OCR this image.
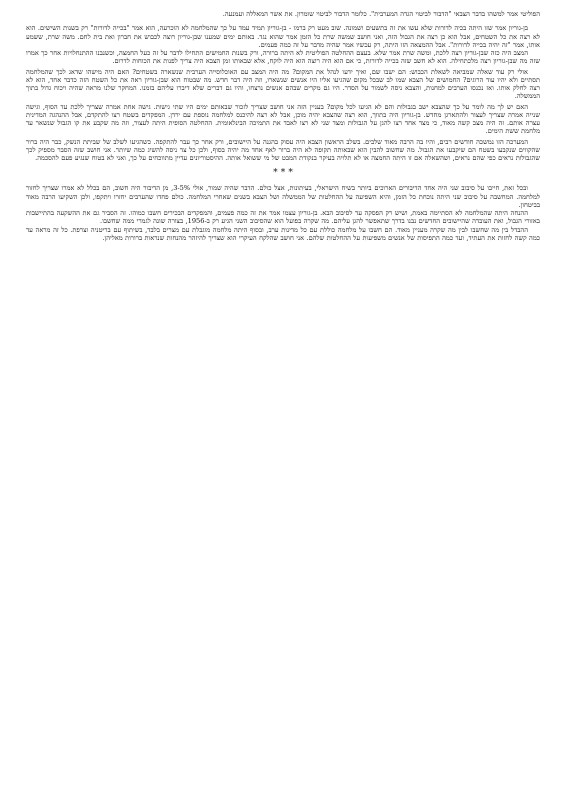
הפוליטי אמר למשהו בדבר הצבאי "הדבור לביטוי הגדה המערבית". כלומר הדבור לביטוי שומרון. את אשר המאללה ועמנעה.

בן-גוריון אמר שזו היתה בכיה לדורות שלא עשו את זה בתשעים ושמונה. שוב מעט רק ברמו - בן-גוריון תמיד עמד על כך שהמלחמה לא הוכרעה, הוא אמר "בכייה לדורות" רק בשנות השישים. הוא לא רצה את כל השטחים, אבל הוא כן רצה את הגבול הזה, ואני חושב שמשה שרת כל הזמן אמר שהוא נגד. באותם ימים שמענו שבן-גוריון רוצה לכבוש את חברון ואת בית לחם. משה שרת, ששמע אותו, אמר "זה יהיה בכייה לדורות". אבל ההמצאה הזו היתה, רק עכשיו אמר שהיה מדבר על זה כמה פעמים.

המצב היה כזה שבן-גוריון רצה ללכת, ומשה שרת אמר שלא. בעצם ההחלטה הפוליטית לא היתה ברורה, ורק בשנות החמישים התחילו לדבר על זה כעל החמצה, וכשנבנו ההתנחלויות אחר כך אמרו שזה מה שבן-גוריון רצה מלכתחילה. הוא לא חשב שזה בכייה לדורות, כי אם הוא היה רוצה הוא היה לוקח, אלא שבאותו זמן הצבא היה צריך לפנות את הכוחות לדרום.

אולי רק עוד שאלה שמביאה לשאלת הכבוש: הם ישבו שם, ואיך ידעו לנהל את המקום? מה היה המצב עם האוכלוסייה הערבית שנשארה בשטחים? האם היה מישהו שדאג לכך שהמלחמה תסתיים ולא יהיו עוד הרוגים? החמושים של הצבא שמו לב שבכל מקום שהגיעו אליו היו אנשים שנשארו, וזה היה דבר חדש. מה שבטוח הוא שבן-גוריון ראה את כל השטח הזה כדבר אחד, הוא לא רצה לחלק אותו. ואז נכנסו הערבים למחנות, והצבא ניסה לשמור על הסדר. היו גם מקרים שבהם אנשים נרצחו, והיו גם דברים שלא דיברו עליהם בזמנו. המחקר שלנו מראה שהיה ויכוח גדול בתוך הממשלה.

האם יש לך מה לומר על כך שהצבא ישב בגבולות והם לא הגיעו לכל מקום? בעניין הזה אני חושב שצריך לזכור שבאותם ימים היו שתי גישות. גישה אחת אמרה שצריך ללכת עד הסוף, וגישה שנייה אמרה שצריך לעצור ולהתארגן מחדש. בן-גוריון היה בתווך, הוא רצה שהצבא יהיה מוכן, אבל לא רצה להיכנס למלחמה נוספת עם ירדן. המפקדים בשטח רצו להתקדם, אבל ההנהגה המדינית עצרה אותם. זה היה מצב קשה מאוד, כי מצד אחד רצו להגן על הגבולות ומצד שני לא רצו לאבד את התמיכה הבינלאומית. ההחלטה הסופית היתה לעצור, וזה מה שקבע את קו הגבול שנשאר עד מלחמת ששת הימים.

המערכה הזו נמשכה חודשים רבים, והיו בה הרבה מאוד שלבים. בשלב הראשון הצבא היה עסוק בהגנה על היישובים, ורק אחר כך עבר להתקפה. כשהגיעו לשלב של שביתת הנשק, כבר היה ברור שהקווים שנקבעו בשטח הם שיקבעו את הגבול. מה שחשוב להבין הוא שבאותה תקופה לא היה ברור לאף אחד מה יהיה בסוף, ולכן כל צד ניסה להשיג כמה שיותר. אני חושב שזה הסבר מספיק לכך שהגבולות נראים כפי שהם נראים, ושהשאלה אם זו היתה החמצה או לא תלויה בעיקר בנקודת המבט של מי ששואל אותה. ההיסטוריונים עדיין מתווכחים על כך, ואני לא בטוח שנגיע פעם להסכמה.

* * *

ובכל זאת, חייבו על סיבוב שני היה אחד הדיבורים הארוכים ביותר בשיח הישראלי, בעיתונות, אצל כולם. הדבר שהיה שמור, אולי 3-5%, מן הדיבור היה חשוב, הם בכלל לא אמרו שצריך לחזור למלחמה. המחשבה על סיבוב שני היתה נוכחת כל הזמן, והיא השפיעה על ההחלטות של הממשלה ושל הצבא בשנים שאחרי המלחמה. כולם פחדו שהערבים יחזרו ויתקפו, ולכן השקיעו הרבה מאוד בביטחון.

ההנחה היתה שהמלחמה לא הסתיימה באמת, ושיש רק הפסקה עד לסיבוב הבא. בן-גוריון עצמו אמר את זה כמה פעמים, והמפקדים הבכירים חשבו כמוהו. זה הסביר גם את ההשקעה בהתיישבות באזורי הגבול, ואת העובדה שהיישובים החדשים נבנו בדרך שתאפשר להגן עליהם. מה שקרה בפועל הוא שהסיבוב השני הגיע רק ב-1956, בצורה שונה לגמרי ממה שחשבו.

ההבדל בין מה שחשבו לבין מה שקרה מעניין מאוד. הם חשבו על מלחמה כוללת עם כל מדינות ערב, ובסוף היתה מלחמה מוגבלת עם מצרים בלבד, בשיתוף עם בריטניה וצרפת. כל זה מראה עד כמה קשה לחזות את העתיד, ועד כמה התפיסות של אנשים משפיעות על ההחלטות שלהם. אני חושב שהלקח העיקרי הוא שצריך להיזהר מהנחות שנראות ברורות מאליהן.
